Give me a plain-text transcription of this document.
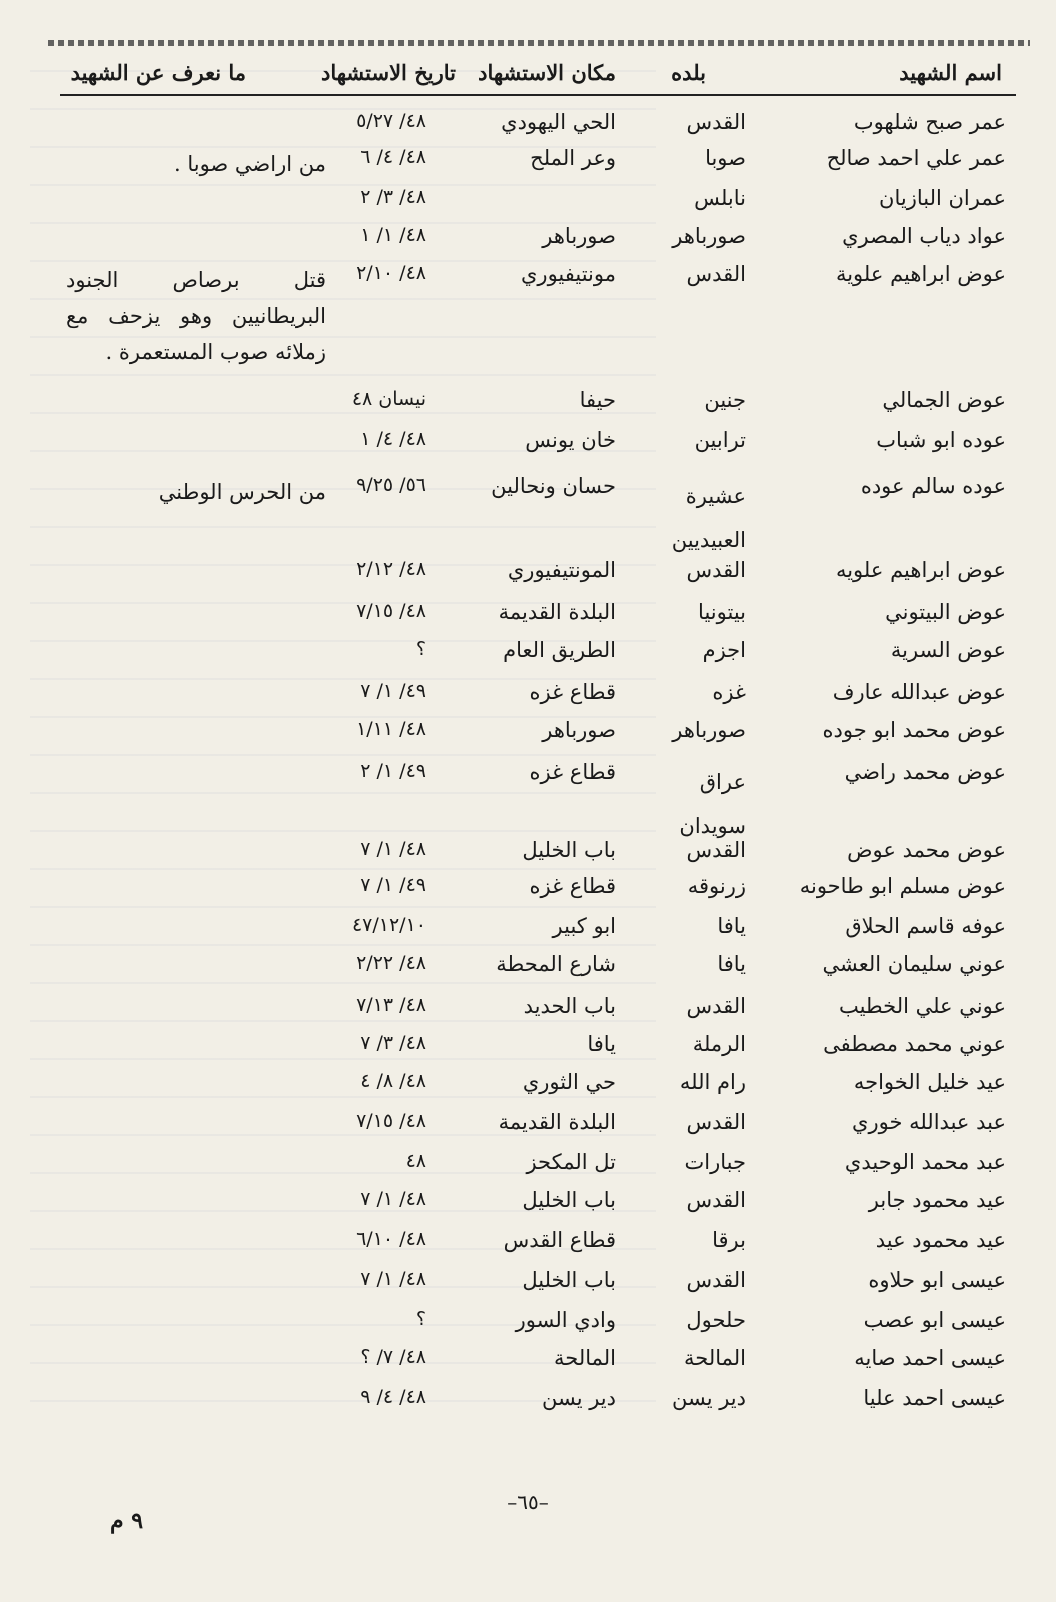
اسم الشهيد
بلده
مكان الاستشهاد
تاريخ الاستشهاد
ما نعرف عن الشهيد
عمر صبح شلهوب
القدس
الحي اليهودي
٤٨/ ٥/٢٧
عمر علي احمد صالح
صوبا
وعر الملح
٤٨/ ٤/ ٦
من اراضي صوبا .
عمران البازيان
نابلس
٤٨/ ٣/ ٢
عواد دياب المصري
صورباهر
صورباهر
٤٨/ ١/ ١
عوض ابراهيم علوية
القدس
مونتيفيوري
٤٨/ ٢/١٠
قتل برصاص الجنود البريطانيين وهو يزحف مع زملائه صوب المستعمرة .
عوض الجمالي
جنين
حيفا
نيسان ٤٨
عوده ابو شباب
ترابين
خان يونس
٤٨/ ٤/ ١
عوده سالم عوده
عشيرة العبيديين
حسان ونحالين
٥٦/ ٩/٢٥
من الحرس الوطني
عوض ابراهيم علويه
القدس
المونتيفيوري
٤٨/ ٢/١٢
عوض البيتوني
بيتونيا
البلدة القديمة
٤٨/ ٧/١٥
عوض السرية
اجزم
الطريق العام
؟
عوض عبدالله عارف
غزه
قطاع غزه
٤٩/ ١/ ٧
عوض محمد ابو جوده
صورباهر
صورباهر
٤٨/ ١/١١
عوض محمد راضي
عراق سويدان
قطاع غزه
٤٩/ ١/ ٢
عوض محمد عوض
القدس
باب الخليل
٤٨/ ١/ ٧
عوض مسلم ابو طاحونه
زرنوقه
قطاع غزه
٤٩/ ١/ ٧
عوفه قاسم الحلاق
يافا
ابو كبير
٤٧/١٢/١٠
عوني سليمان العشي
يافا
شارع المحطة
٤٨/ ٢/٢٢
عوني علي الخطيب
القدس
باب الحديد
٤٨/ ٧/١٣
عوني محمد مصطفى
الرملة
يافا
٤٨/ ٣/ ٧
عيد خليل الخواجه
رام الله
حي الثوري
٤٨/ ٨/ ٤
عبد عبدالله خوري
القدس
البلدة القديمة
٤٨/ ٧/١٥
عبد محمد الوحيدي
جبارات
تل المكحز
٤٨
عيد محمود جابر
القدس
باب الخليل
٤٨/ ١/ ٧
عيد محمود عيد
برقا
قطاع القدس
٤٨/ ٦/١٠
عيسى ابو حلاوه
القدس
باب الخليل
٤٨/ ١/ ٧
عيسى ابو عصب
حلحول
وادي السور
؟
عيسى احمد صايه
المالحة
المالحة
٤٨/ ٧/ ؟
عيسى احمد عليا
دير يسن
دير يسن
٤٨/ ٤/ ٩
–٦٥–
٩ م
